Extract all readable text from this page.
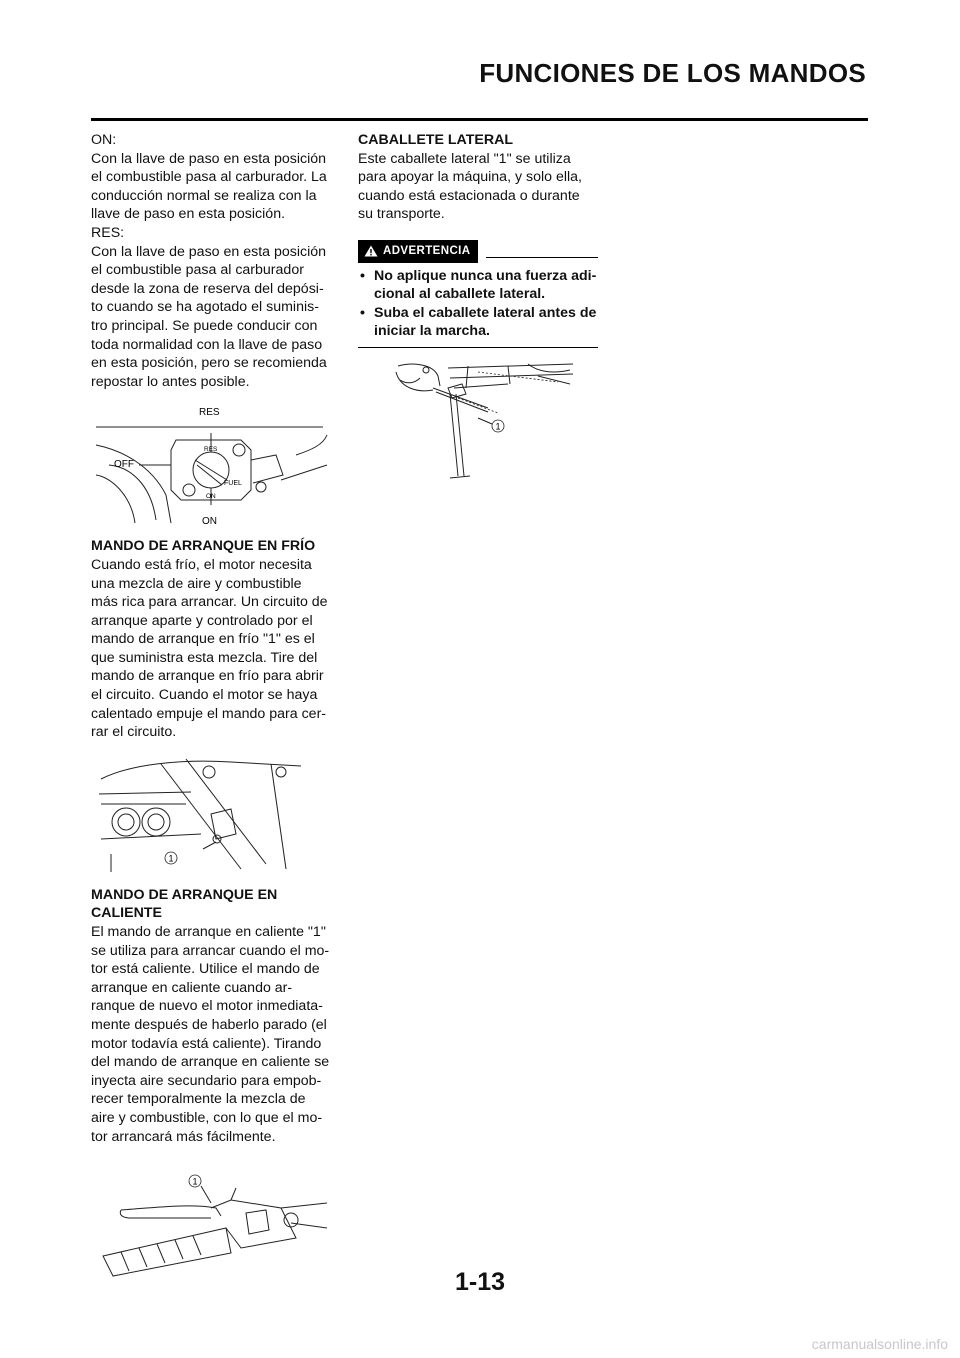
FUNCIONES DE LOS MANDOS

ON:

Con la llave de paso en esta posición

el combustible pasa al carburador. La

conducción normal se realiza con la

llave de paso en esta posición.

RES:

Con la llave de paso en esta posición

el combustible pasa al carburador

desde la zona de reserva del depósi-

to cuando se ha agotado el suminis-

tro principal. Se puede conducir con

toda normalidad con la llave de paso

en esta posición, pero se recomienda

repostar lo antes posible.

RES
OFF
ON
RES
ON
FUEL

MANDO DE ARRANQUE EN FRÍO

Cuando está frío, el motor necesita

una mezcla de aire y combustible

más rica para arrancar. Un circuito de

arranque aparte y controlado por el

mando de arranque en frío "1" es el

que suministra esta mezcla. Tire del

mando de arranque en frío para abrir

el circuito. Cuando el motor se haya

calentado empuje el mando para cer-

rar el circuito.

1

MANDO DE ARRANQUE EN

CALIENTE

El mando de arranque en caliente "1"

se utiliza para arrancar cuando el mo-

tor está caliente. Utilice el mando de

arranque en caliente cuando ar-

ranque de nuevo el motor inmediata-

mente después de haberlo parado (el

motor todavía está caliente). Tirando

del mando de arranque en caliente se

inyecta aire secundario para empob-

recer temporalmente la mezcla de

aire y combustible, con lo que el mo-

tor arrancará más fácilmente.

1

CABALLETE LATERAL

Este caballete lateral "1" se utiliza

para apoyar la máquina, y solo ella,

cuando está estacionada o durante

su transporte.

ADVERTENCIA
• No aplique nunca una fuerza adi-
cional al caballete lateral.
• Suba el caballete lateral antes de
iniciar la marcha.
1
1-13
carmanualsonline.info
